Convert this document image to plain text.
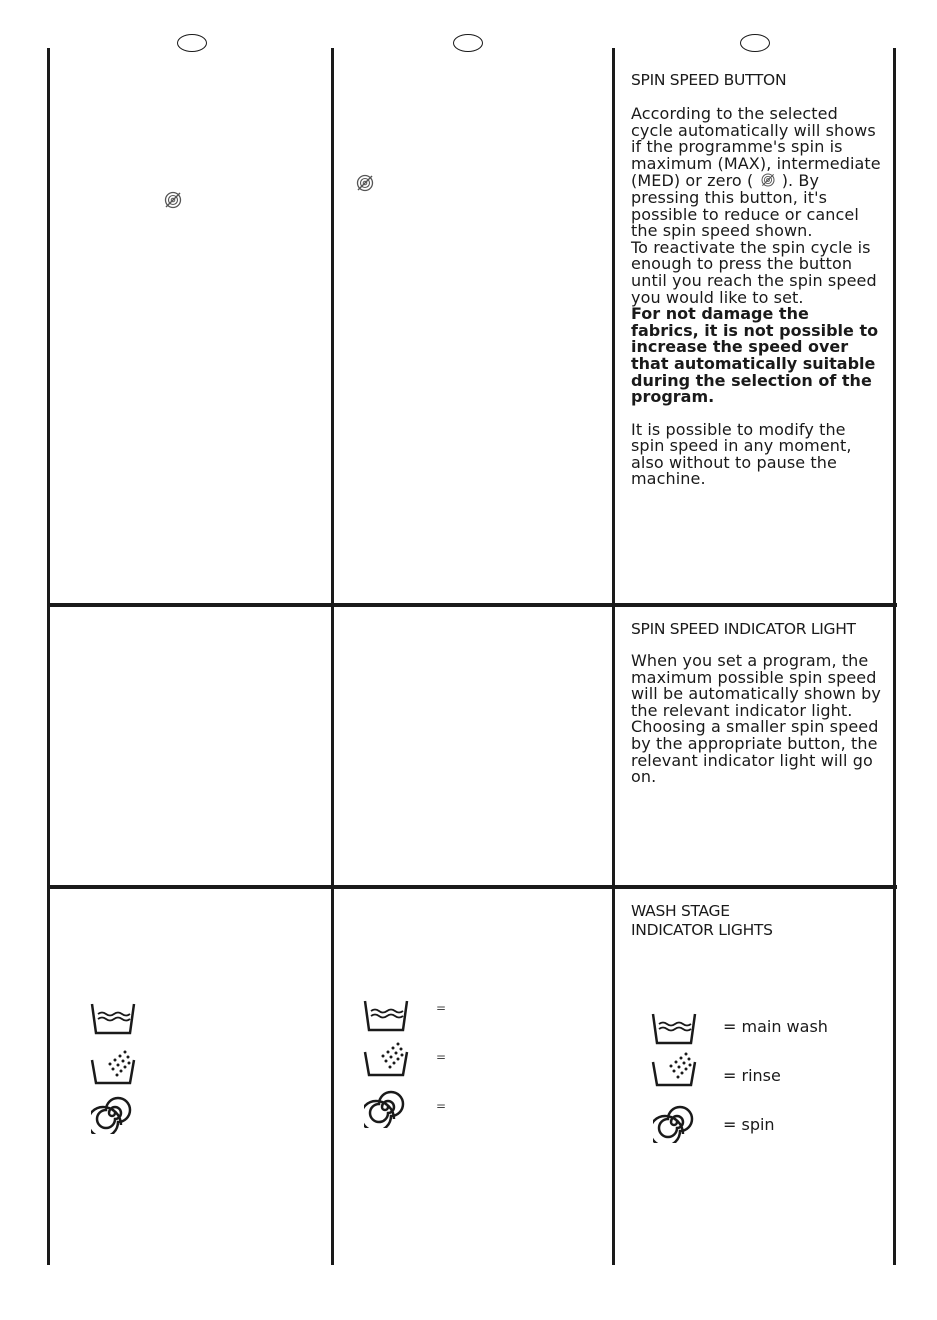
SPIN SPEED BUTTON

According to the selected cycle automatically will shows if the programme's spin is maximum (MAX), intermediate (MED) or zero ( ). By pressing this button, it's possible to reduce or cancel the spin speed shown.

To reactivate the spin cycle is enough to press the button until you reach the spin speed you would like to set.

For not damage the fabrics, it is not possible to increase the speed over that automatically suitable during the selection of the program.

It is possible to modify the spin speed in any moment, also without to pause the machine.

SPIN SPEED INDICATOR LIGHT

When you set a program, the maximum possible spin speed will be automatically shown by the relevant indicator light.

Choosing a smaller spin speed by the appropriate button, the relevant indicator light will go on.

WASH STAGE
INDICATOR LIGHTS
=
=
=
= main wash
= rinse
= spin
